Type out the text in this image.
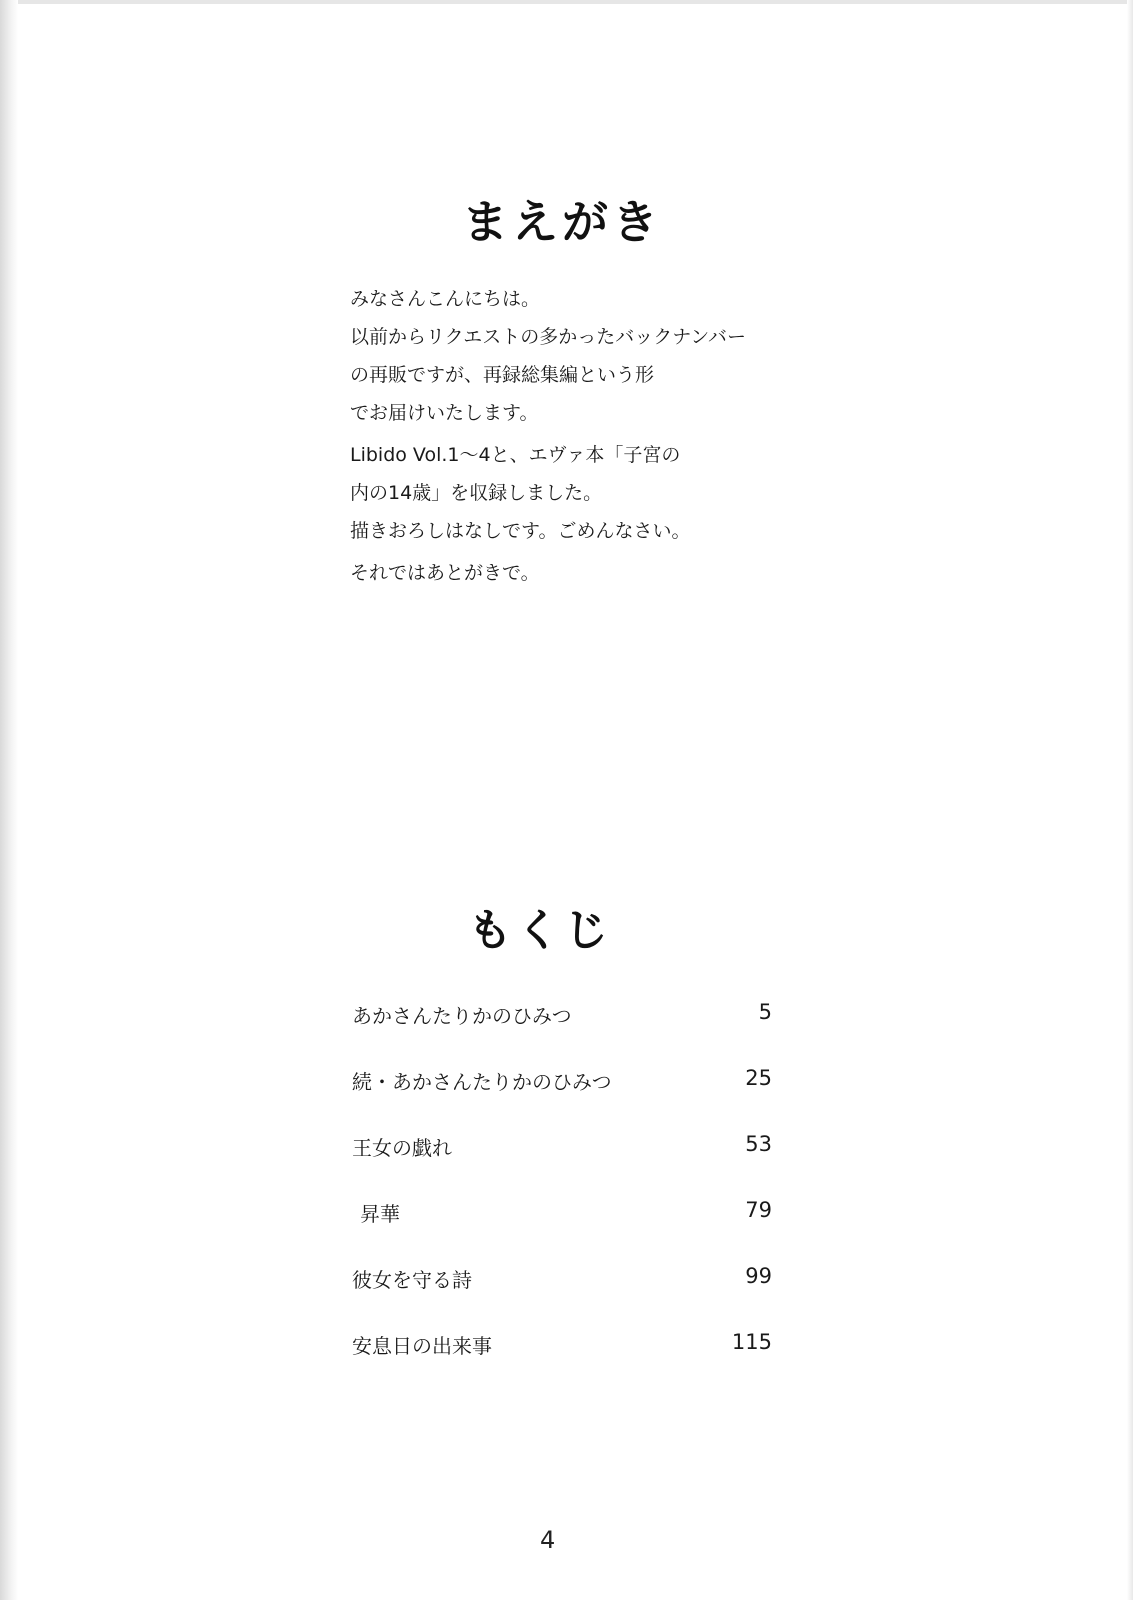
まえがき
みなさんこんにちは。
以前からリクエストの多かったバックナンバー
の再販ですが、再録総集編という形
でお届けいたします。
Libido Vol.1～4と、エヴァ本「子宮の
内の14歳」を収録しました。
描きおろしはなしです。ごめんなさい。
それではあとがきで。
もくじ
あかさんたりかのひみつ	5
続・あかさんたりかのひみつ	25
王女の戯れ	53
昇華	79
彼女を守る詩	99
安息日の出来事	115
4
